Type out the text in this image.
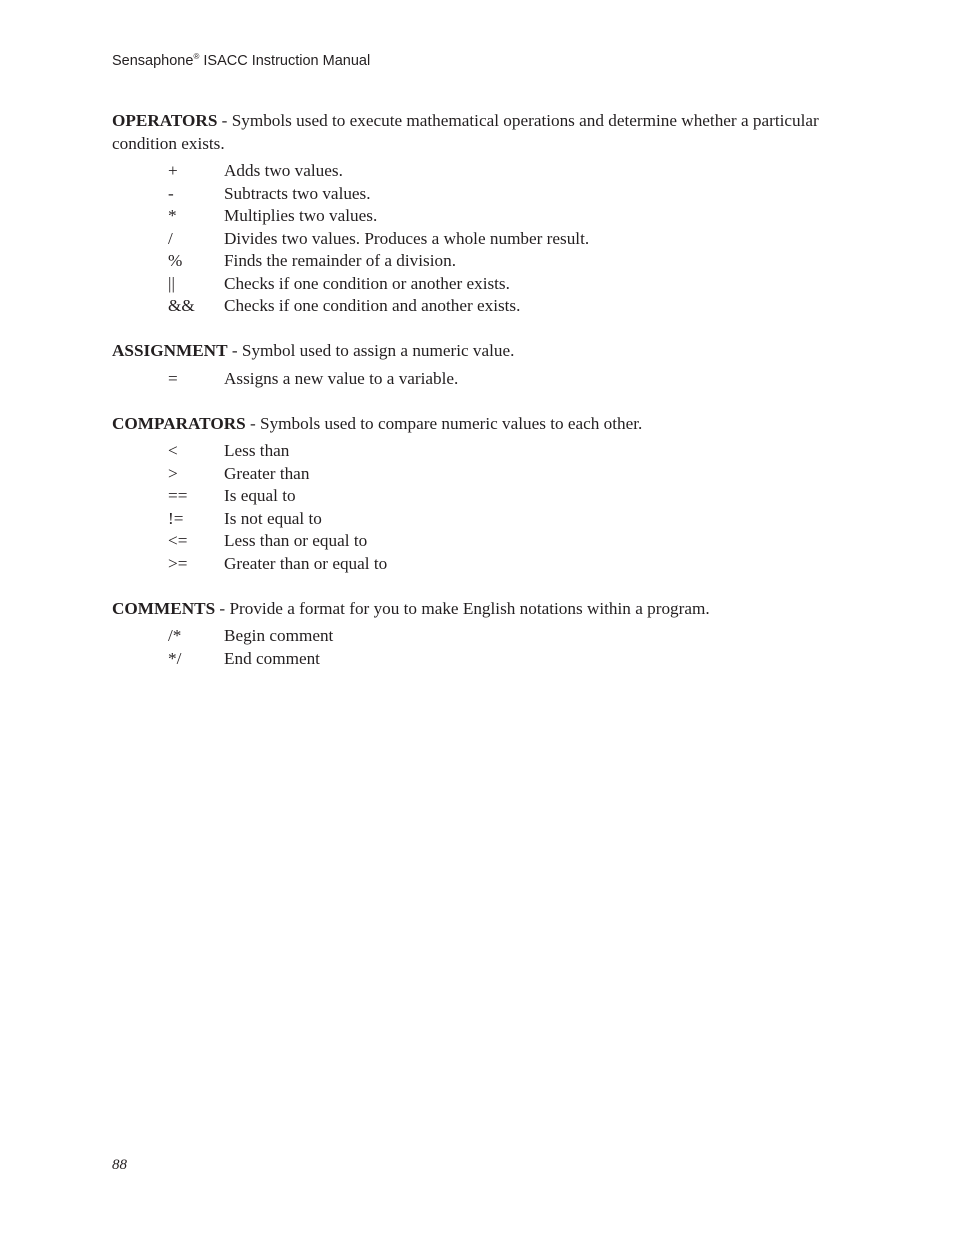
Sensaphone® ISACC Instruction Manual

OPERATORS - Symbols used to execute mathematical operations and determine whether a particular condition exists.

+	Adds two values.
-	Subtracts two values.
*	Multiplies two values.
/	Divides two values. Produces a whole number result.
%	Finds the remainder of a division.
||	Checks if one condition or another exists.
&&	Checks if one condition and another exists.

ASSIGNMENT - Symbol used to assign a numeric value.

=	Assigns a new value to a variable.

COMPARATORS - Symbols used to compare numeric values to each other.

<	Less than
>	Greater than
==	Is equal to
!=	Is not equal to
<=	Less than or equal to
>=	Greater than or equal to

COMMENTS - Provide a format for you to make English notations within a program.

/*	Begin comment
*/	End comment
88
